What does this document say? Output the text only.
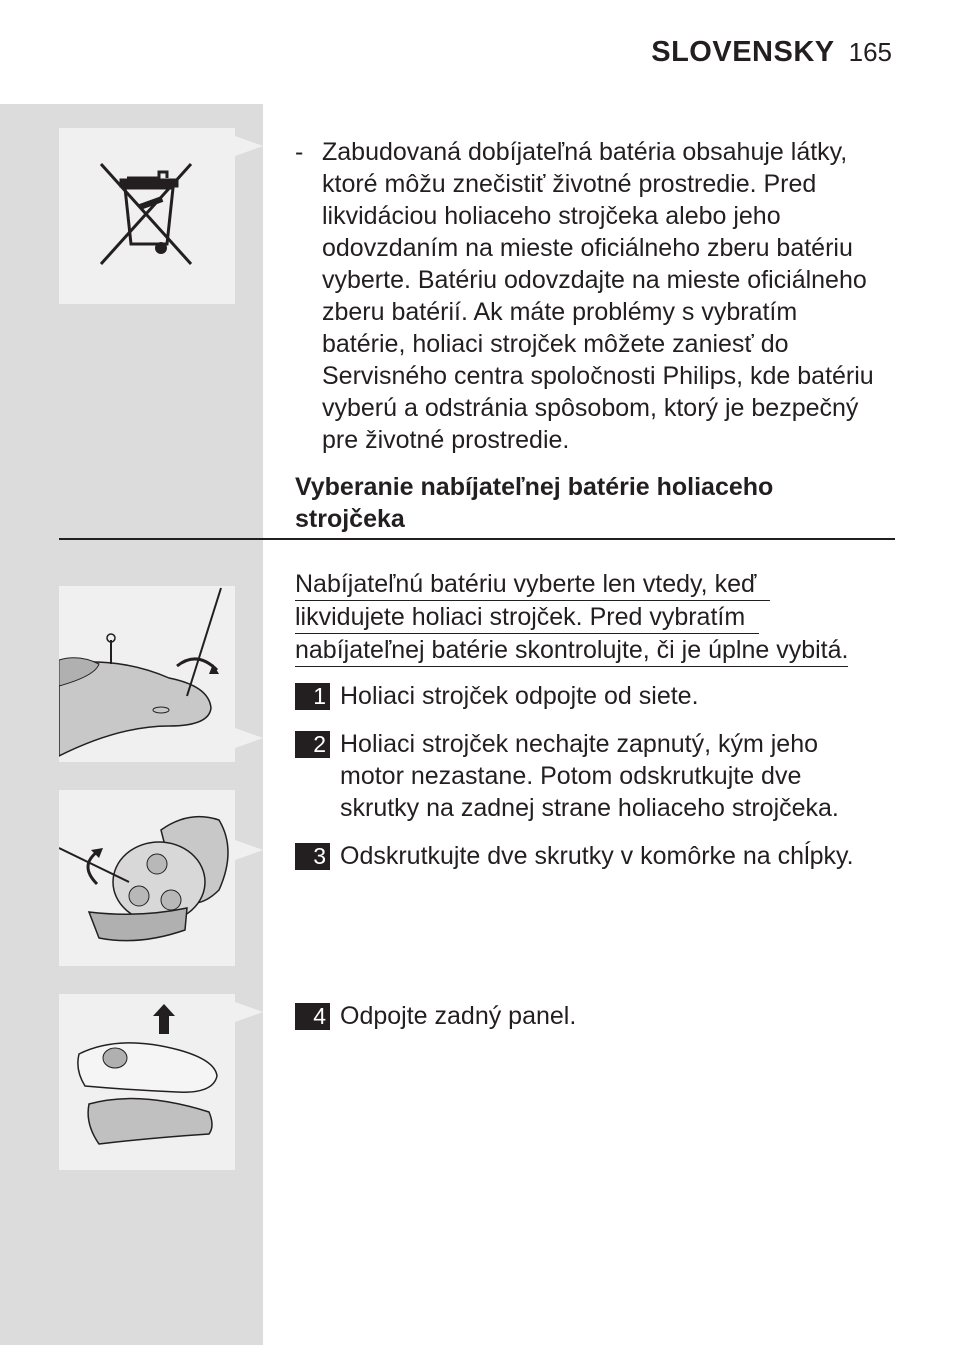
SLOVENSKY 165
- Zabudovaná dobíjateľná batéria obsahuje látky,
ktoré môžu znečistiť životné prostredie. Pred
likvidáciou holiaceho strojčeka alebo jeho
odovzdaním na mieste oficiálneho zberu batériu
vyberte. Batériu odovzdajte na mieste oficiálneho
zberu batérií. Ak máte problémy s vybratím
batérie, holiaci strojček môžete zaniesť do
Servisného centra spoločnosti Philips, kde batériu
vyberú a odstránia spôsobom, ktorý je bezpečný
pre životné prostredie.
Vyberanie nabíjateľnej batérie holiaceho
strojčeka
Nabíjateľnú batériu vyberte len vtedy, keď
likvidujete holiaci strojček. Pred vybratím
nabíjateľnej batérie skontrolujte, či je úplne vybitá.
1 Holiaci strojček odpojte od siete.
2 Holiaci strojček nechajte zapnutý, kým jeho
motor nezastane. Potom odskrutkujte dve
skrutky na zadnej strane holiaceho strojčeka.
3 Odskrutkujte dve skrutky v komôrke na chĺpky.
4 Odpojte zadný panel.
